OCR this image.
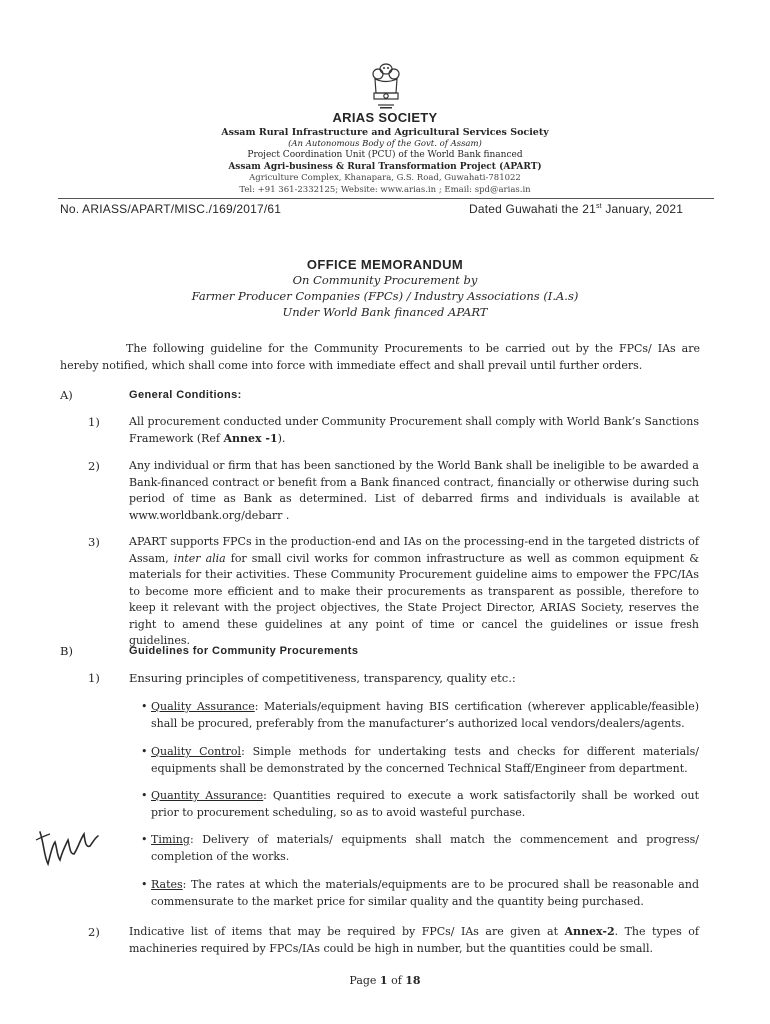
ARIAS SOCIETY
Assam Rural Infrastructure and Agricultural Services Society
(An Autonomous Body of the Govt. of Assam)
Project Coordination Unit (PCU) of the World Bank financed
Assam Agri-business & Rural Transformation Project (APART)
Agriculture Complex, Khanapara, G.S. Road, Guwahati-781022
Tel: +91 361-2332125; Website: www.arias.in ; Email: spd@arias.in
No. ARIASS/APART/MISC./169/2017/61	Dated Guwahati the 21st January, 2021
OFFICE MEMORANDUM
On Community Procurement by
Farmer Producer Companies (FPCs) / Industry Associations (I.A.s)
Under World Bank financed APART
The following guideline for the Community Procurements to be carried out by the FPCs/ IAs are hereby notified, which shall come into force with immediate effect and shall prevail until further orders.
A)	General Conditions:
1)	All procurement conducted under Community Procurement shall comply with World Bank’s Sanctions Framework (Ref Annex -1).
2)	Any individual or firm that has been sanctioned by the World Bank shall be ineligible to be awarded a Bank-financed contract or benefit from a Bank financed contract, financially or otherwise during such period of time as Bank as determined. List of debarred firms and individuals is available at www.worldbank.org/debarr .
3)	APART supports FPCs in the production-end and IAs on the processing-end in the targeted districts of Assam, inter alia for small civil works for common infrastructure as well as common equipment & materials for their activities. These Community Procurement guideline aims to empower the FPC/IAs to become more efficient and to make their procurements as transparent as possible, therefore to keep it relevant with the project objectives, the State Project Director, ARIAS Society, reserves the right to amend these guidelines at any point of time or cancel the guidelines or issue fresh guidelines.
B)	Guidelines for Community Procurements
1)	Ensuring principles of competitiveness, transparency, quality etc.:
• Quality Assurance: Materials/equipment having BIS certification (wherever applicable/feasible) shall be procured, preferably from the manufacturer’s authorized local vendors/dealers/agents.
• Quality Control: Simple methods for undertaking tests and checks for different materials/ equipments shall be demonstrated by the concerned Technical Staff/Engineer from department.
• Quantity Assurance: Quantities required to execute a work satisfactorily shall be worked out prior to procurement scheduling, so as to avoid wasteful purchase.
• Timing: Delivery of materials/ equipments shall match the commencement and progress/ completion of the works.
• Rates: The rates at which the materials/equipments are to be procured shall be reasonable and commensurate to the market price for similar quality and the quantity being purchased.
2)	Indicative list of items that may be required by FPCs/ IAs are given at Annex-2. The types of machineries required by FPCs/IAs could be high in number, but the quantities could be small.
Page 1 of 18
